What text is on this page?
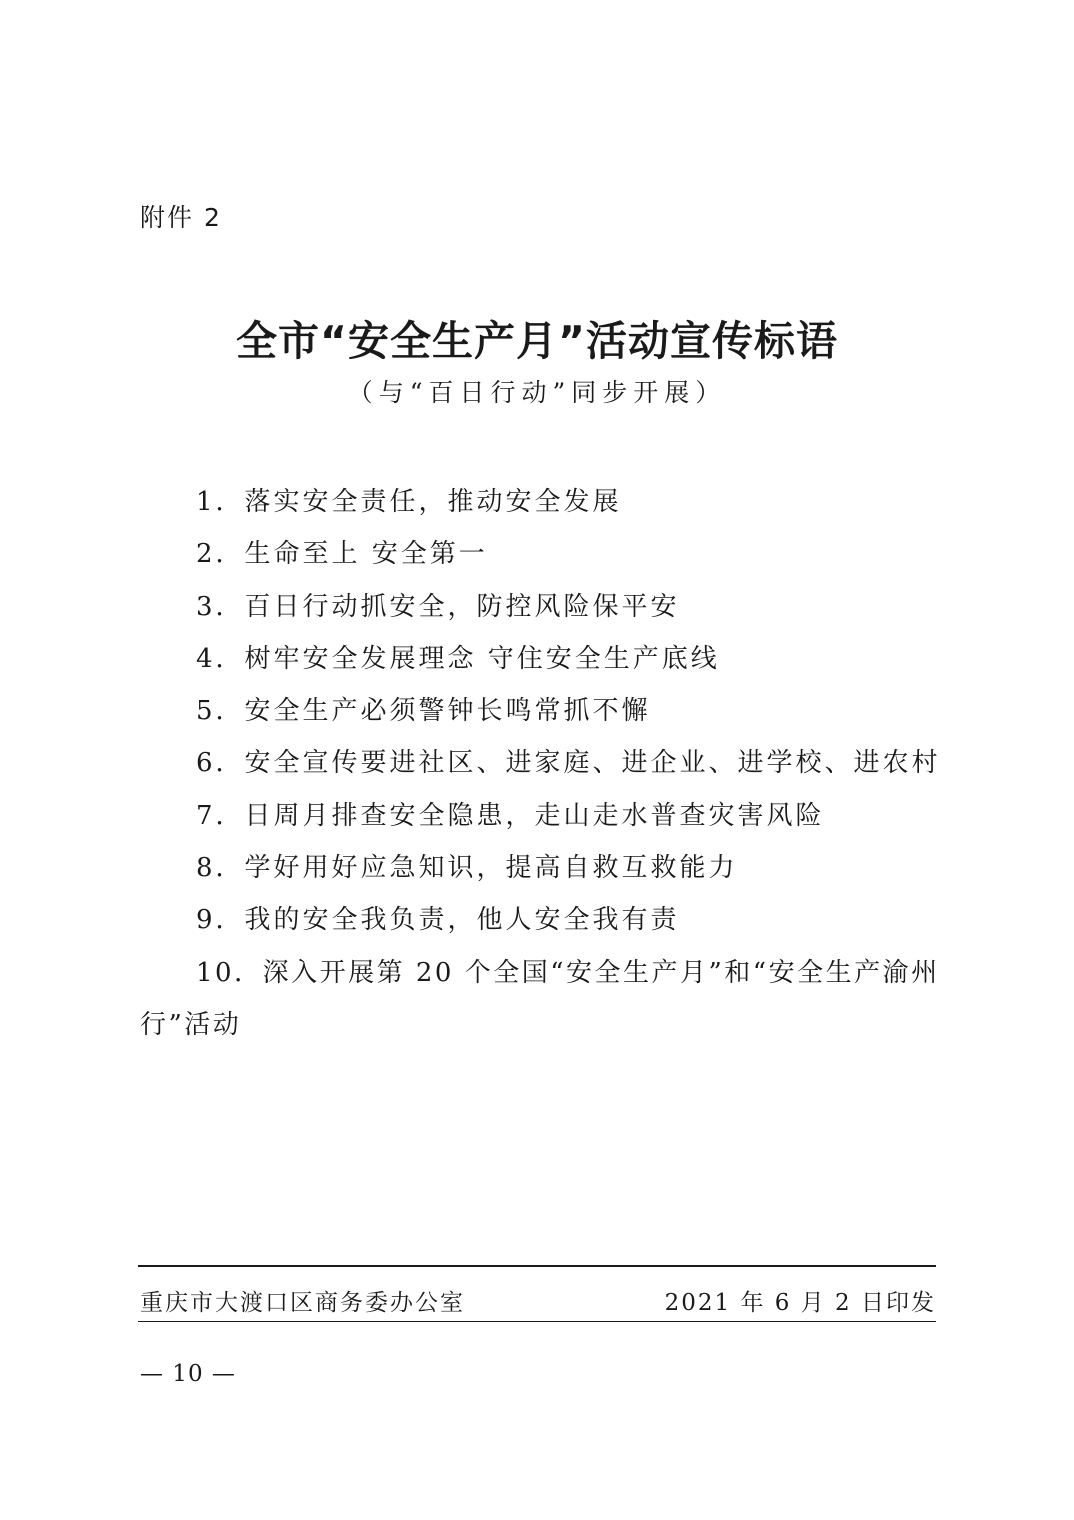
附件 2
全市“安全生产月”活动宣传标语
（与“百日行动”同步开展）
1．落实安全责任，推动安全发展
2．生命至上 安全第一
3．百日行动抓安全，防控风险保平安
4．树牢安全发展理念 守住安全生产底线
5．安全生产必须警钟长鸣常抓不懈
6．安全宣传要进社区、进家庭、进企业、进学校、进农村
7．日周月排查安全隐患，走山走水普查灾害风险
8．学好用好应急知识，提高自救互救能力
9．我的安全我负责，他人安全我有责
10．深入开展第 20 个全国“安全生产月”和“安全生产渝州行”活动
重庆市大渡口区商务委办公室	2021 年 6 月 2 日印发
— 10 —
